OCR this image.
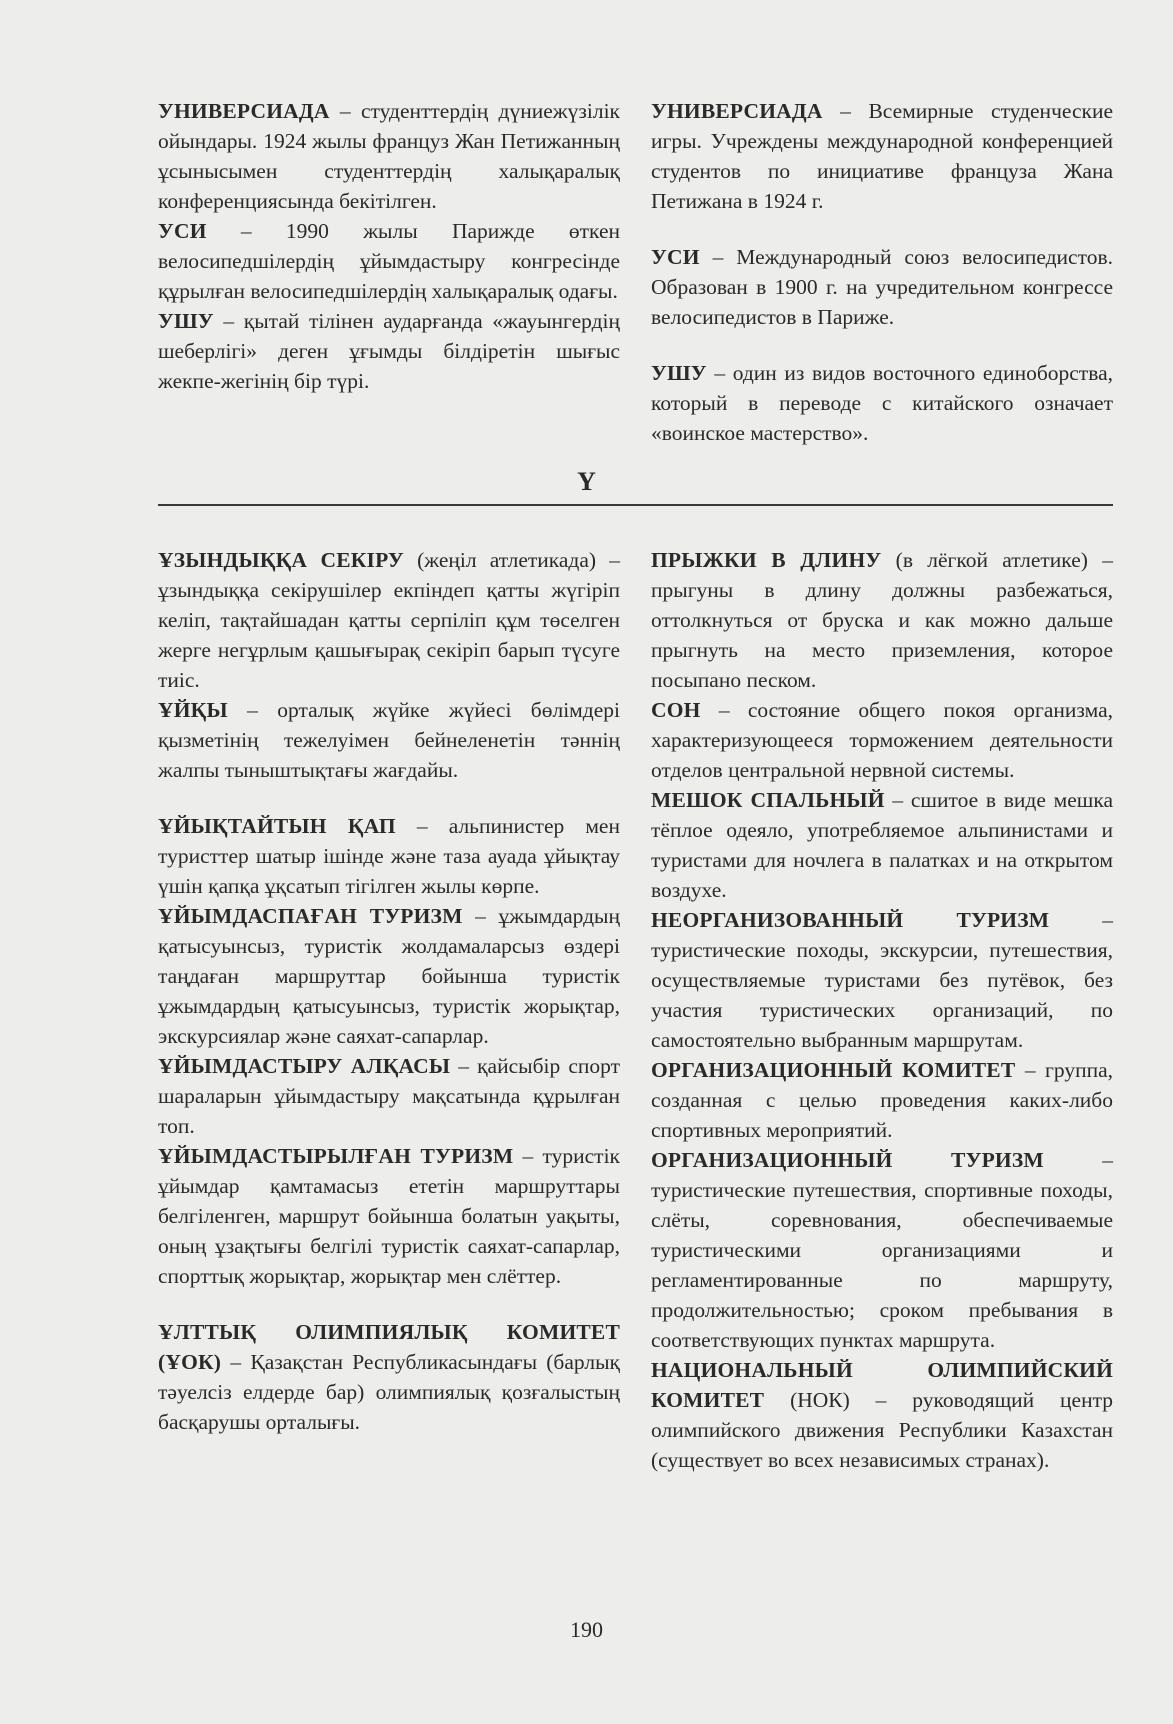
УНИВЕРСИАДА – студенттердің дүниежүзілік ойындары. 1924 жылы француз Жан Петижанның ұсынысымен студенттердің халықаралық конференциясында бекітілген.

УСИ – 1990 жылы Парижде өткен велосипедшілердің ұйымдастыру конгресінде құрылған велосипедшілердің халықаралық одағы.

УШУ – қытай тілінен аударғанда «жауынгердің шеберлігі» деген ұғымды білдіретін шығыс жекпе-жегінің бір түрі.

УНИВЕРСИАДА – Всемирные студенческие игры. Учреждены международной конференцией студентов по инициативе француза Жана Петижана в 1924 г.

УСИ – Международный союз велосипедистов. Образован в 1900 г. на учредительном конгрессе велосипедистов в Париже.

УШУ – один из видов восточного единоборства, который в переводе с китайского означает «воинское мастерство».

Ү

ҰЗЫНДЫҚҚА СЕКІРУ (жеңіл атлетикада) – ұзындыққа секірушілер екпіндеп қатты жүгіріп келіп, тақтайшадан қатты серпіліп құм төселген жерге негұрлым қашығырақ секіріп барып түсуге тиіс.

ҰЙҚЫ – орталық жүйке жүйесі бөлімдері қызметінің тежелуімен бейнеленетін тәннің жалпы тыныштықтағы жағдайы.

ҰЙЫҚТАЙТЫН ҚАП – альпинистер мен туристтер шатыр ішінде және таза ауада ұйықтау үшін қапқа ұқсатып тігілген жылы көрпе.

ҰЙЫМДАСПАҒАН ТУРИЗМ – ұжымдардың қатысуынсыз, туристік жолдамаларсыз өздері таңдаған маршруттар бойынша туристік ұжымдардың қатысуынсыз, туристік жорықтар, экскурсиялар және саяхат-сапарлар.

ҰЙЫМДАСТЫРУ АЛҚАСЫ – қайсыбір спорт шараларын ұйымдастыру мақсатында құрылған топ.

ҰЙЫМДАСТЫРЫЛҒАН ТУРИЗМ – туристік ұйымдар қамтамасыз ететін маршруттары белгіленген, маршрут бойынша болатын уақыты, оның ұзақтығы белгілі туристік саяхат-сапарлар, спорттық жорықтар, жорықтар мен слёттер.

ҰЛТТЫҚ ОЛИМПИЯЛЫҚ КОМИТЕТ (ҰОК) – Қазақстан Республикасындағы (барлық тәуелсіз елдерде бар) олимпиялық қозғалыстың басқарушы орталығы.

ПРЫЖКИ В ДЛИНУ (в лёгкой атлетике) – прыгуны в длину должны разбежаться, оттолкнуться от бруска и как можно дальше прыгнуть на место приземления, которое посыпано песком.

СОН – состояние общего покоя организма, характеризующееся торможением деятельности отделов центральной нервной системы.

МЕШОК СПАЛЬНЫЙ – сшитое в виде мешка тёплое одеяло, употребляемое альпинистами и туристами для ночлега в палатках и на открытом воздухе.

НЕОРГАНИЗОВАННЫЙ ТУРИЗМ – туристические походы, экскурсии, путешествия, осуществляемые туристами без путёвок, без участия туристических организаций, по самостоятельно выбранным маршрутам.

ОРГАНИЗАЦИОННЫЙ КОМИТЕТ – группа, созданная с целью проведения каких-либо спортивных мероприятий.

ОРГАНИЗАЦИОННЫЙ ТУРИЗМ – туристические путешествия, спортивные походы, слёты, соревнования, обеспечиваемые туристическими организациями и регламентированные по маршруту, продолжительностью; сроком пребывания в соответствующих пунктах маршрута.

НАЦИОНАЛЬНЫЙ ОЛИМПИЙСКИЙ КОМИТЕТ (НОК) – руководящий центр олимпийского движения Республики Казахстан (существует во всех независимых странах).

190
